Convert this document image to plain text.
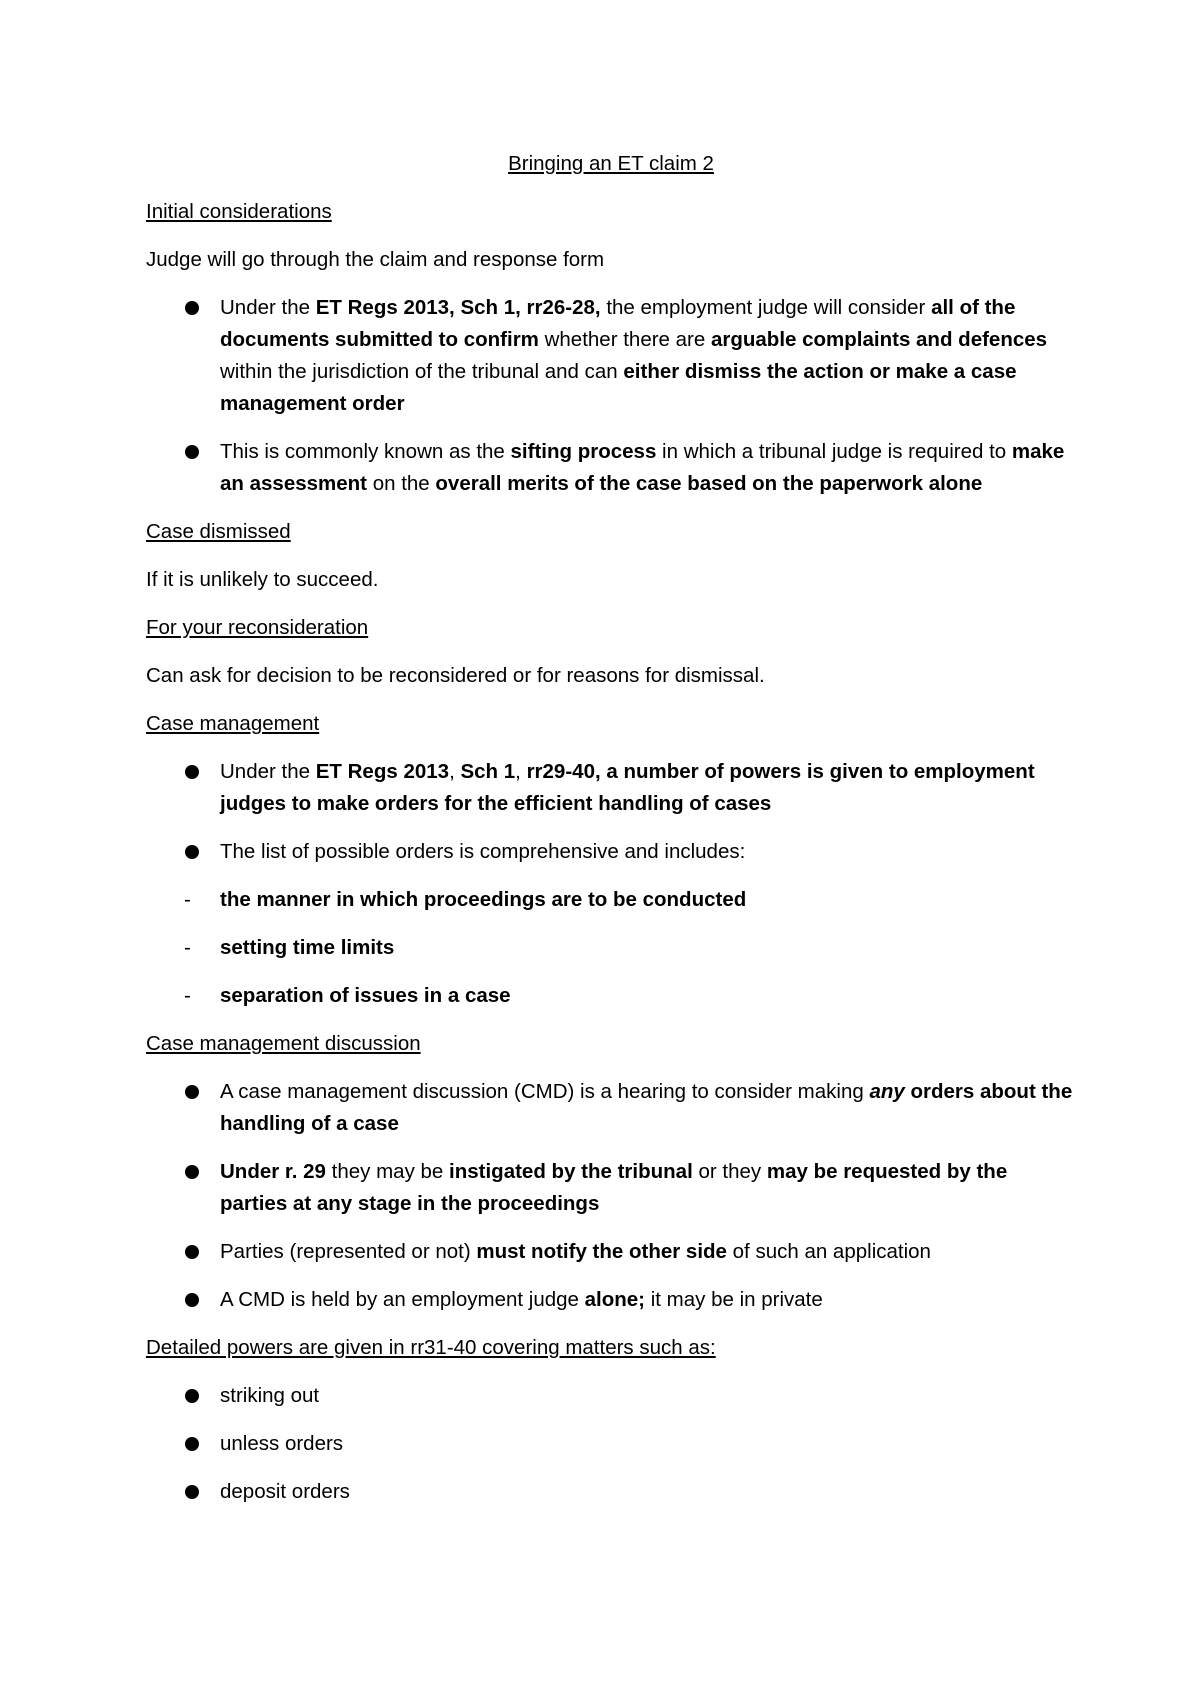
Bringing an ET claim 2
Initial considerations
Judge will go through the claim and response form
Under the ET Regs 2013, Sch 1, rr26-28, the employment judge will consider all of the documents submitted to confirm whether there are arguable complaints and defences within the jurisdiction of the tribunal and can either dismiss the action or make a case management order
This is commonly known as the sifting process in which a tribunal judge is required to make an assessment on the overall merits of the case based on the paperwork alone
Case dismissed
If it is unlikely to succeed.
For your reconsideration
Can ask for decision to be reconsidered or for reasons for dismissal.
Case management
Under the ET Regs 2013, Sch 1, rr29-40, a number of powers is given to employment judges to make orders for the efficient handling of cases
The list of possible orders is comprehensive and includes:
- the manner in which proceedings are to be conducted
- setting time limits
- separation of issues in a case
Case management discussion
A case management discussion (CMD) is a hearing to consider making any orders about the handling of a case
Under r. 29 they may be instigated by the tribunal or they may be requested by the parties at any stage in the proceedings
Parties (represented or not) must notify the other side of such an application
A CMD is held by an employment judge alone; it may be in private
Detailed powers are given in rr31-40 covering matters such as:
striking out
unless orders
deposit orders
